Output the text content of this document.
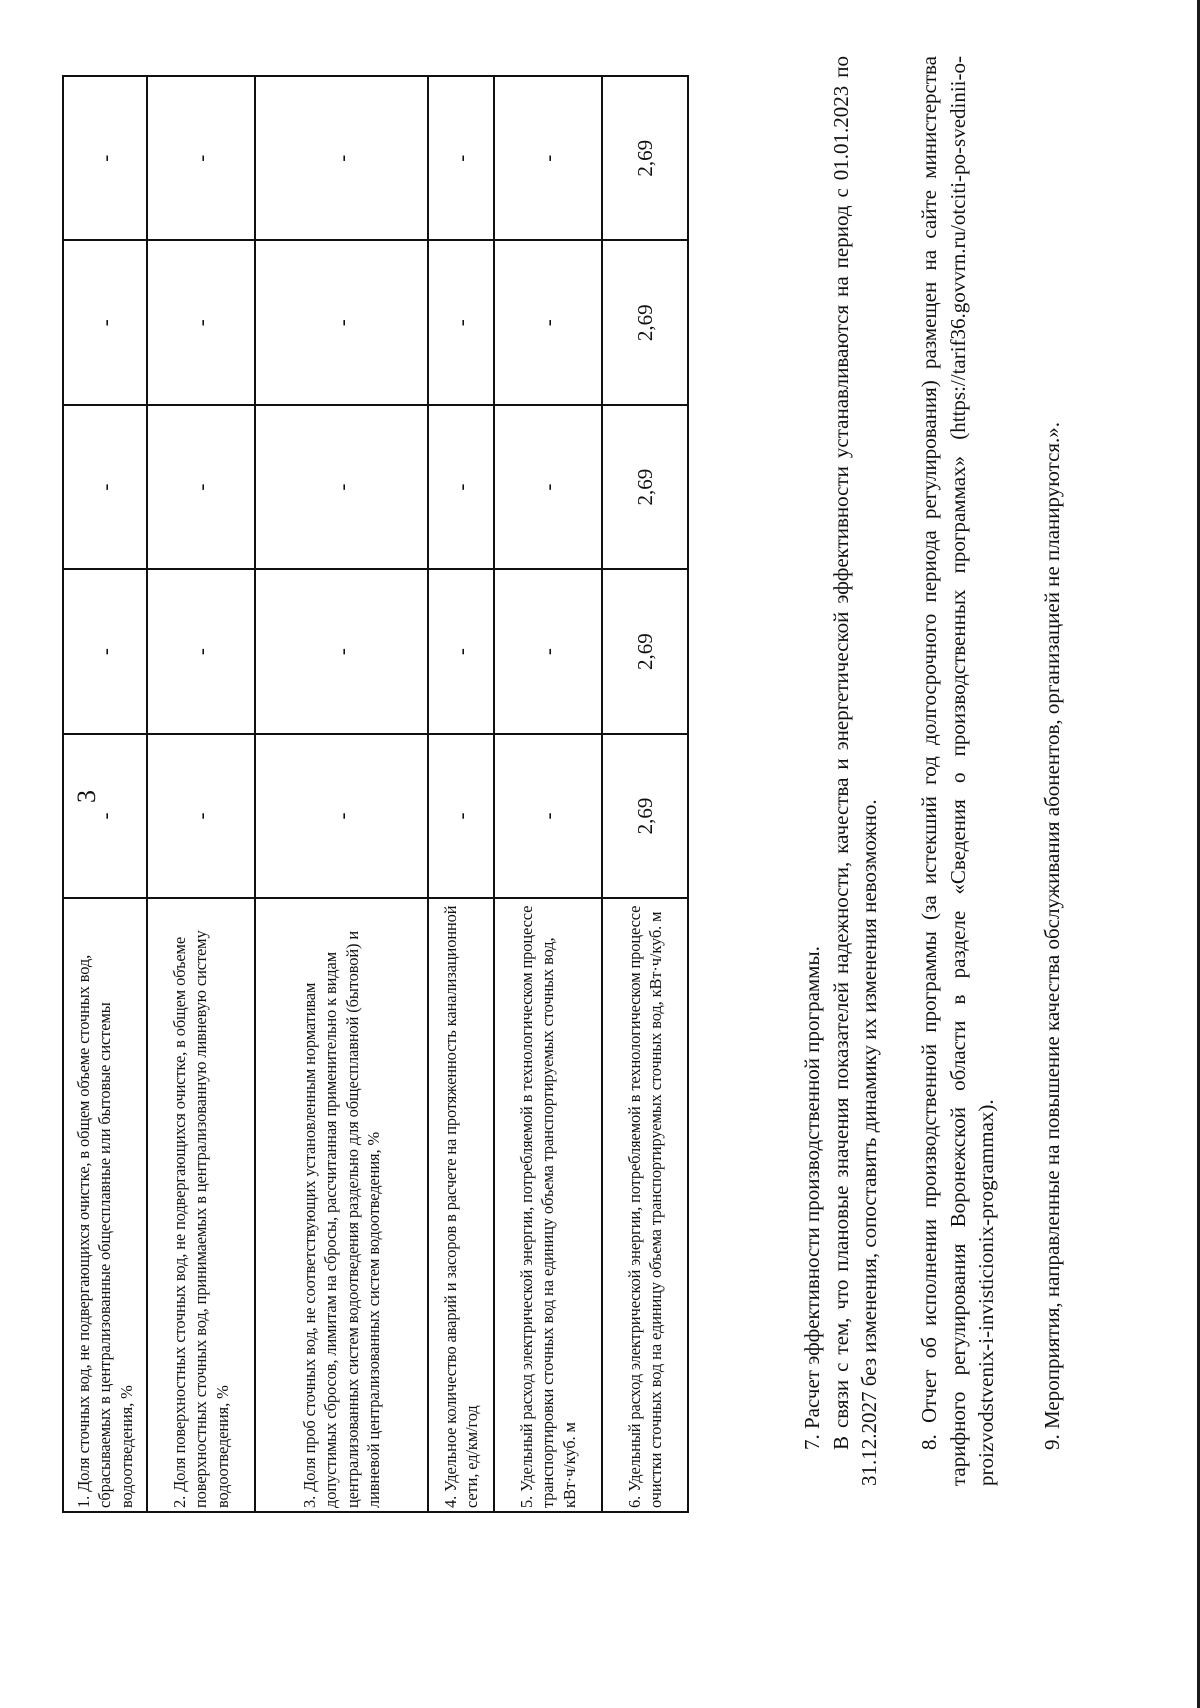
3
1. Доля сточных вод, не подвергающихся очистке, в общем объеме сточных вод, сбрасываемых в централизованные общесплавные или бытовые системы водоотведения, %	-	-	-	-	-
2. Доля поверхностных сточных вод, не подвергающихся очистке, в общем объеме поверхностных сточных вод, принимаемых в централизованную ливневую систему водоотведения, %	-	-	-	-	-
3. Доля проб сточных вод, не соответствующих установленным нормативам допустимых сбросов, лимитам на сбросы, рассчитанная применительно к видам централизованных систем водоотведения раздельно для общесплавной (бытовой) и ливневой централизованных систем водоотведения, %	-	-	-	-	-
4. Удельное количество аварий и засоров в расчете на протяженность канализационной сети, ед/км/год	-	-	-	-	-
5. Удельный расход электрической энергии, потребляемой в технологическом процессе транспортировки сточных вод на единицу объема транспортируемых сточных вод, кВт·ч/куб. м	-	-	-	-	-
6. Удельный расход электрической энергии, потребляемой в технологическом процессе очистки сточных вод на единицу объема транспортируемых сточных вод, кВт·ч/куб. м	2,69	2,69	2,69	2,69	2,69

7. Расчет эффективности производственной программы. В связи с тем, что плановые значения показателей надежности, качества и энергетической эффективности устанавливаются на период с 01.01.2023 по 31.12.2027 без изменения, сопоставить динамику их изменения невозможно. 8. Отчет об исполнении производственной программы (за истекший год долгосрочного периода регулирования) размещен на сайте министерства тарифного регулирования Воронежской области в разделе «Сведения о производственных программах» (https://tarif36.govvrn.ru/otciti-po-svedinii-o-proizvodstvenix-i-invisticionix-programmax). 9. Мероприятия, направленные на повышение качества обслуживания абонентов, организацией не планируются.».
